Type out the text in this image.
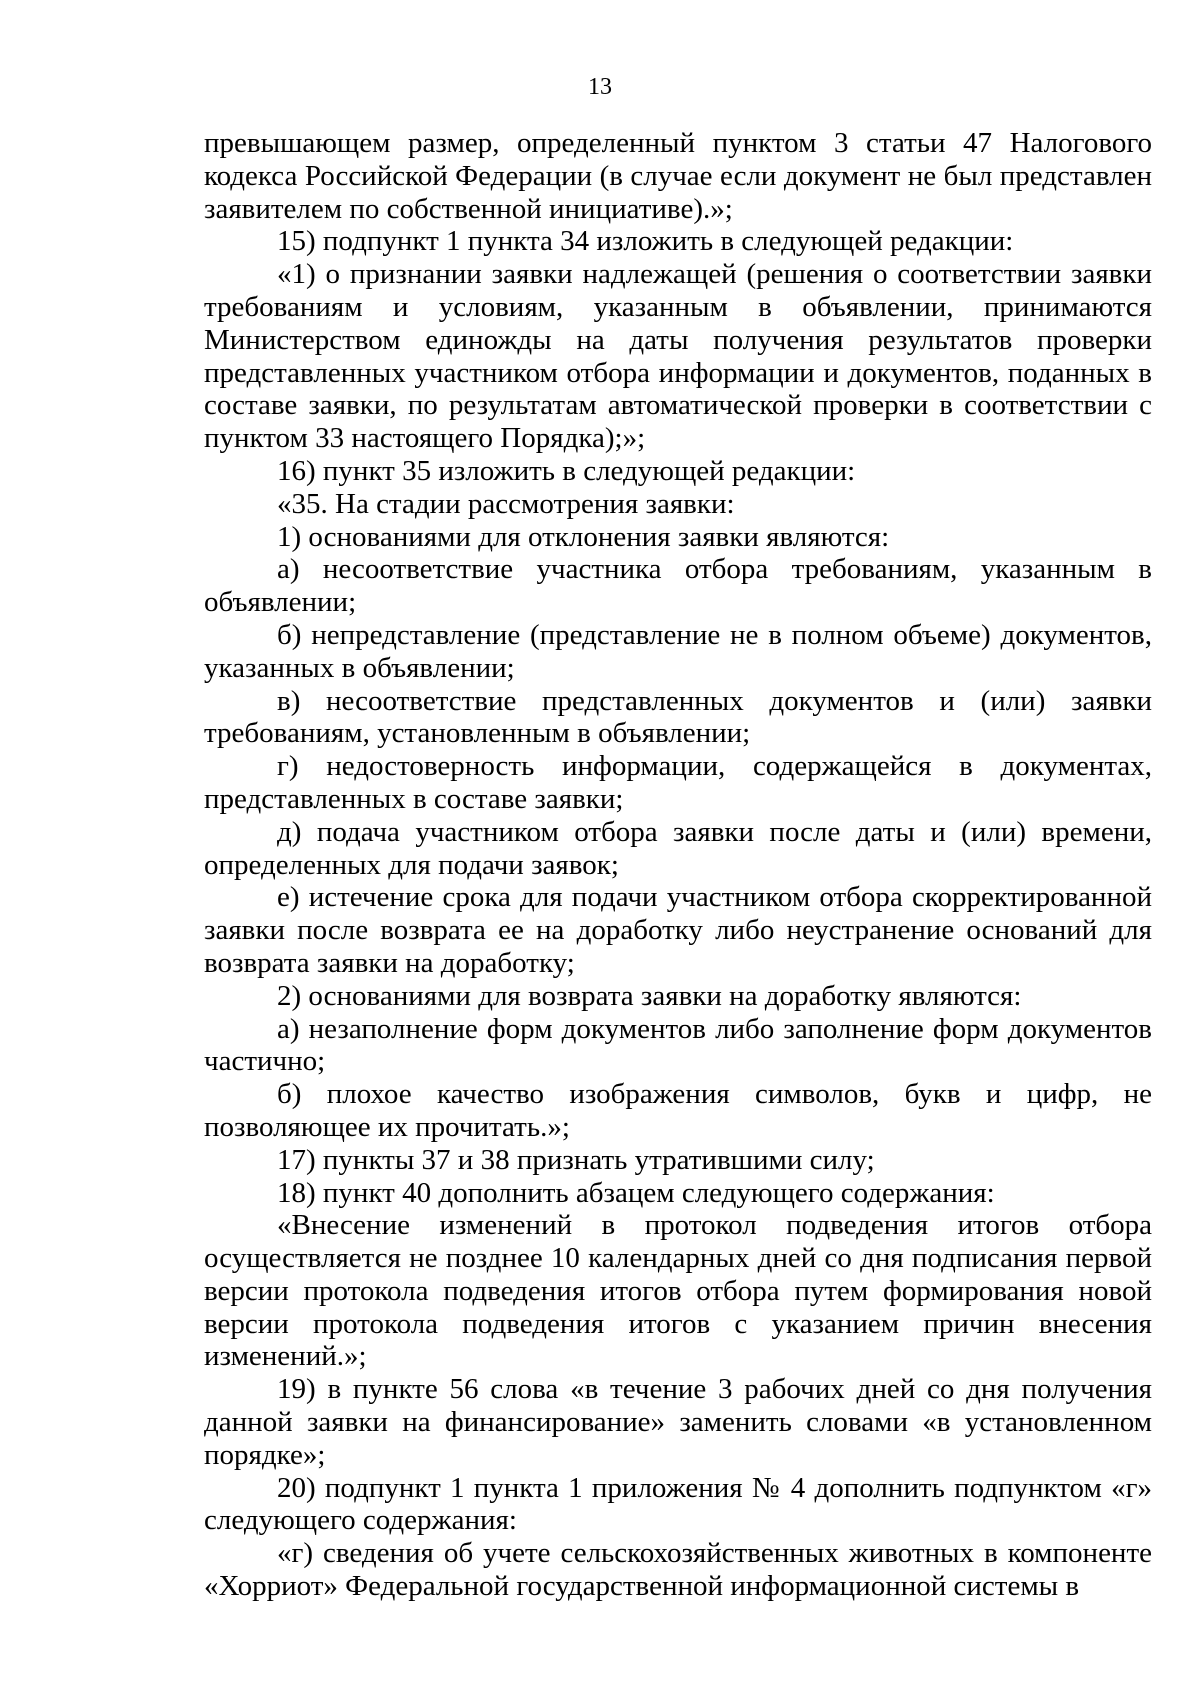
13

превышающем размер, определенный пунктом 3 статьи 47 Налогового кодекса Российской Федерации (в случае если документ не был представлен заявителем по собственной инициативе).»;

15) подпункт 1 пункта 34 изложить в следующей редакции:

«1) о признании заявки надлежащей (решения о соответствии заявки требованиям и условиям, указанным в объявлении, принимаются Министерством единожды на даты получения результатов проверки представленных участником отбора информации и документов, поданных в составе заявки, по результатам автоматической проверки в соответствии с пунктом 33 настоящего Порядка);»;

16) пункт 35 изложить в следующей редакции:

«35. На стадии рассмотрения заявки:

1) основаниями для отклонения заявки являются:

а) несоответствие участника отбора требованиям, указанным в объявлении;

б) непредставление (представление не в полном объеме) документов, указанных в объявлении;

в) несоответствие представленных документов и (или) заявки требованиям, установленным в объявлении;

г) недостоверность информации, содержащейся в документах, представленных в составе заявки;

д) подача участником отбора заявки после даты и (или) времени, определенных для подачи заявок;

е) истечение срока для подачи участником отбора скорректированной заявки после возврата ее на доработку либо неустранение оснований для возврата заявки на доработку;

2) основаниями для возврата заявки на доработку являются:

а) незаполнение форм документов либо заполнение форм документов частично;

б) плохое качество изображения символов, букв и цифр, не позволяющее их прочитать.»;

17) пункты 37 и 38 признать утратившими силу;

18) пункт 40 дополнить абзацем следующего содержания:

«Внесение изменений в протокол подведения итогов отбора осуществляется не позднее 10 календарных дней со дня подписания первой версии протокола подведения итогов отбора путем формирования новой версии протокола подведения итогов с указанием причин внесения изменений.»;

19) в пункте 56 слова «в течение 3 рабочих дней со дня получения данной заявки на финансирование» заменить словами «в установленном порядке»;

20) подпункт 1 пункта 1 приложения № 4 дополнить подпунктом «г» следующего содержания:

«г) сведения об учете сельскохозяйственных животных в компоненте «Хорриот» Федеральной государственной информационной системы в
